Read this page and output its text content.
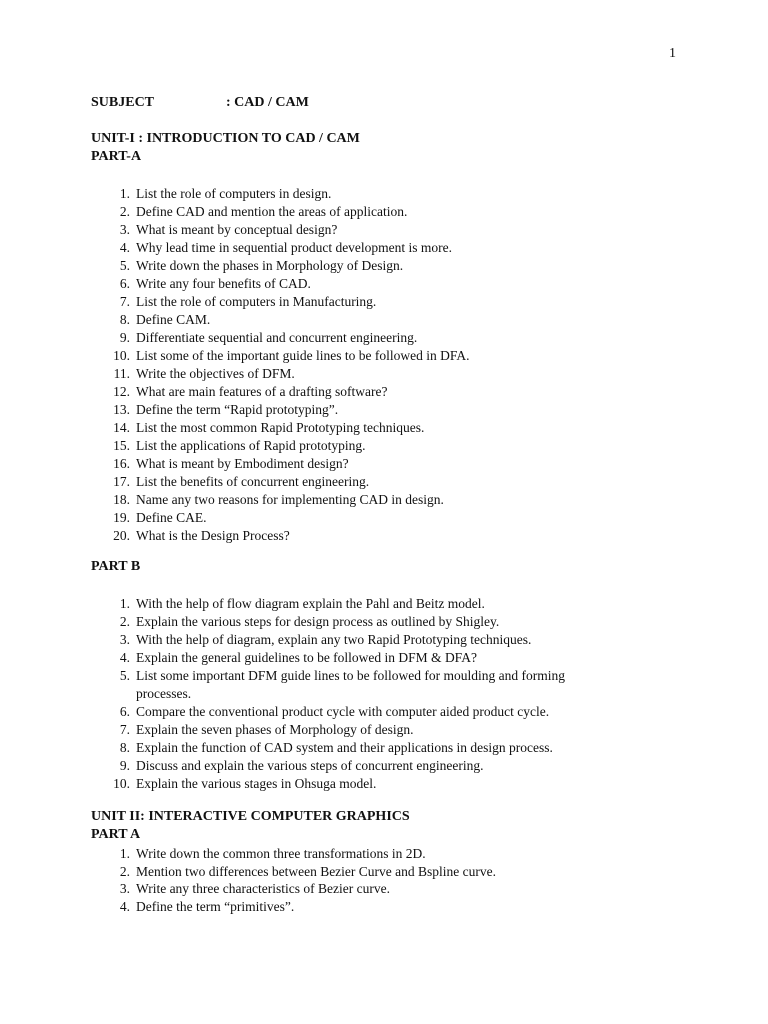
1
SUBJECT	: CAD / CAM
UNIT-I : INTRODUCTION TO CAD / CAM
PART-A
1. List the role of computers in design.
2. Define CAD and mention the areas of application.
3. What is meant by conceptual design?
4. Why lead time in sequential product development is more.
5. Write down the phases in Morphology of Design.
6. Write any four benefits of CAD.
7. List the role of computers in Manufacturing.
8. Define CAM.
9. Differentiate sequential and concurrent engineering.
10. List some of the important guide lines to be followed in DFA.
11. Write the objectives of DFM.
12. What are main features of a drafting software?
13. Define the term “Rapid prototyping”.
14. List the most common Rapid Prototyping techniques.
15. List the applications of Rapid prototyping.
16. What is meant by Embodiment design?
17. List the benefits of concurrent engineering.
18. Name any two reasons for implementing CAD in design.
19. Define CAE.
20. What is the Design Process?
PART B
1. With the help of flow diagram explain the Pahl and Beitz model.
2. Explain the various steps for design process as outlined by Shigley.
3. With the help of diagram, explain any two Rapid Prototyping techniques.
4. Explain the general guidelines to be followed in DFM & DFA?
5. List some important DFM guide lines to be followed for moulding and forming
processes.
6. Compare the conventional product cycle with computer aided product cycle.
7. Explain the seven phases of Morphology of design.
8. Explain the function of CAD system and their applications in design process.
9. Discuss and explain the various steps of concurrent engineering.
10. Explain the various stages in Ohsuga model.
UNIT II: INTERACTIVE COMPUTER GRAPHICS
PART A
1. Write down the common three transformations in 2D.
2. Mention two differences between Bezier Curve and Bspline curve.
3. Write any three characteristics of Bezier curve.
4. Define the term “primitives”.
